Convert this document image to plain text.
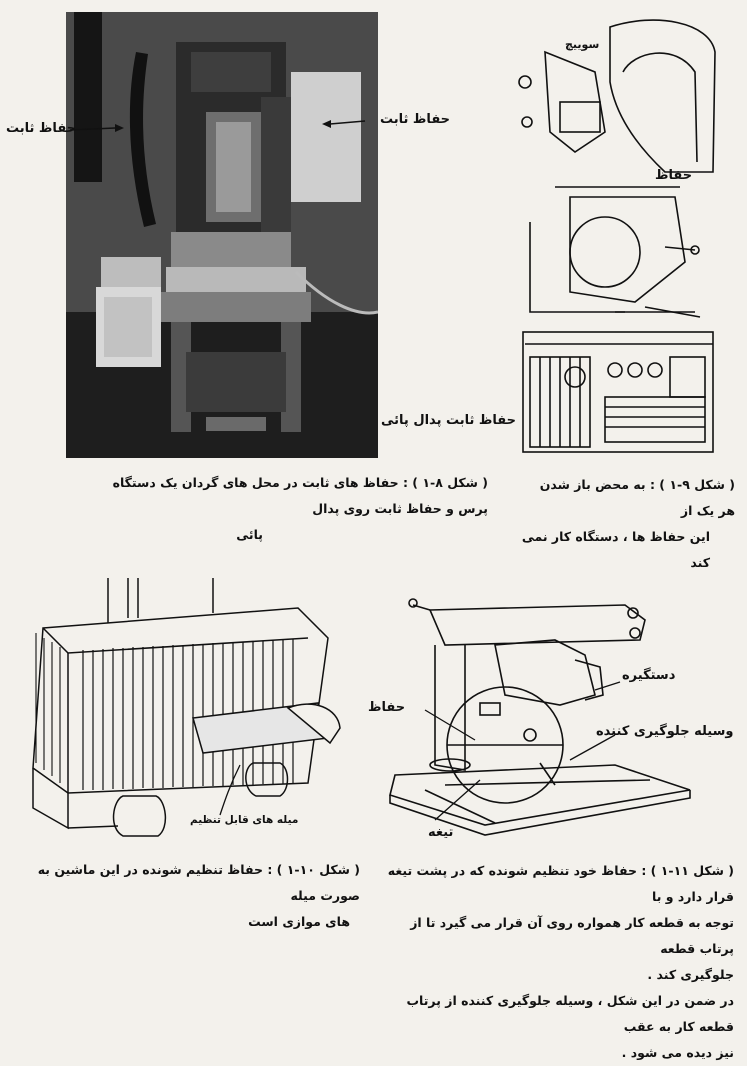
حفاظ ثابت
حفاظ ثابت
حفاظ ثابت پدال پائی
( شکل ۸-۱ ) : حفاظ های ثابت در محل های گردان یک دستگاه پرس و حفاظ ثابت روی پدال
پائی
سوییچ
حفاظ
( شکل ۹-۱ ) : به محض باز شدن هر یک از
این حفاظ ها ، دستگاه کار نمی کند
میله های قابل تنظیم
( شکل ۱۰-۱ ) : حفاظ تنظیم شونده در این ماشین به صورت میله
های موازی است
دستگیره
حفاظ
وسیله جلوگیری کننده
تیغه
( شکل ۱۱-۱ ) : حفاظ خود تنظیم شونده که در پشت تیغه قرار دارد و با
توجه به قطعه کار همواره روی آن قرار می گیرد تا از پرتاب قطعه
جلوگیری کند .
در ضمن در این شکل ، وسیله جلوگیری کننده از پرتاب قطعه کار به عقب
نیز دیده می شود .
